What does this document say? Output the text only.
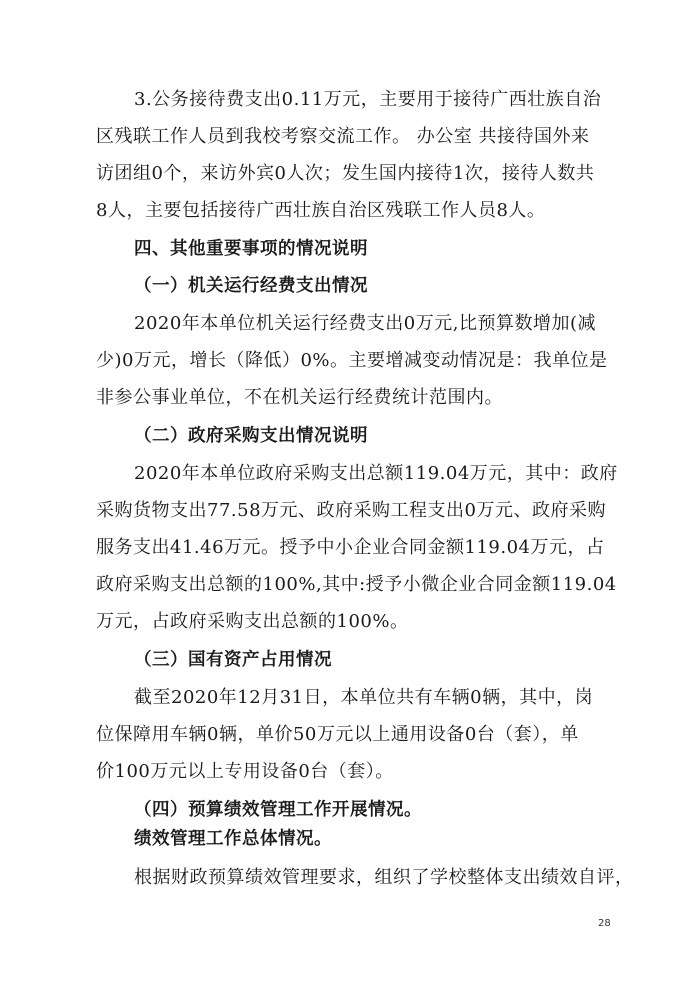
3.公务接待费支出0.11万元，主要用于接待广西壮族自治
区残联工作人员到我校考察交流工作。 办公室 共接待国外来
访团组0个，来访外宾0人次；发生国内接待1次，接待人数共
8人，主要包括接待广西壮族自治区残联工作人员8人。
四、其他重要事项的情况说明
（一）机关运行经费支出情况
2020年本单位机关运行经费支出0万元,比预算数增加(减
少)0万元，增长（降低）0%。主要增减变动情况是：我单位是
非参公事业单位，不在机关运行经费统计范围内。
（二）政府采购支出情况说明
2020年本单位政府采购支出总额119.04万元，其中：政府
采购货物支出77.58万元、政府采购工程支出0万元、政府采购
服务支出41.46万元。授予中小企业合同金额119.04万元，占
政府采购支出总额的100%,其中:授予小微企业合同金额119.04
万元，占政府采购支出总额的100%。
（三）国有资产占用情况
截至2020年12月31日，本单位共有车辆0辆，其中，岗
位保障用车辆0辆，单价50万元以上通用设备0台（套），单
价100万元以上专用设备0台（套）。
（四）预算绩效管理工作开展情况。
绩效管理工作总体情况。
根据财政预算绩效管理要求，组织了学校整体支出绩效自评，
28
